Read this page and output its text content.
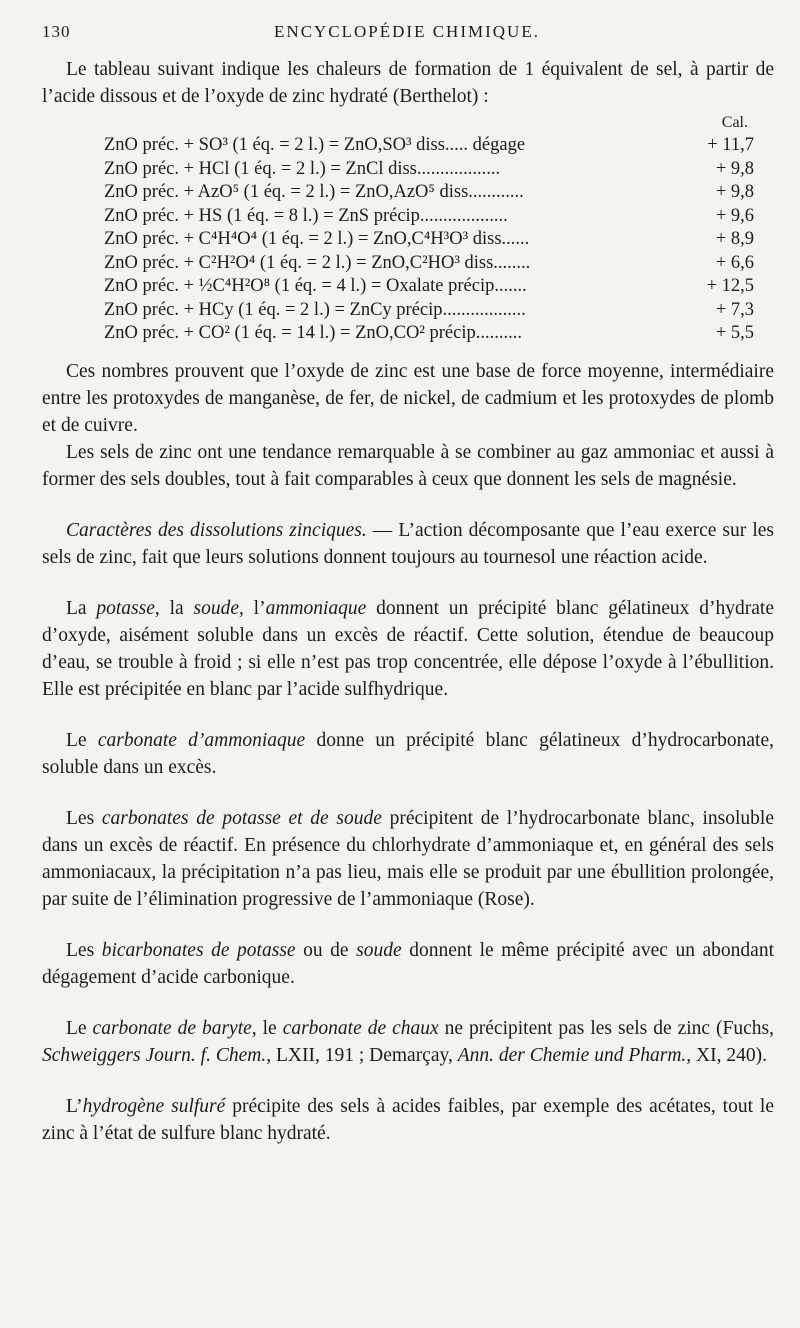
130	ENCYCLOPÉDIE CHIMIQUE.

Le tableau suivant indique les chaleurs de formation de 1 équivalent de sel, à partir de l’acide dissous et de l’oxyde de zinc hydraté (Berthelot) :

Cal.
ZnO préc. + SO³ (1 éq. = 2 l.) = ZnO,SO³ diss..... dégage	+ 11,7
ZnO préc. + HCl (1 éq. = 2 l.) = ZnCl diss..................	+ 9,8
ZnO préc. + AzO⁵ (1 éq. = 2 l.) = ZnO,AzO⁵ diss............	+ 9,8
ZnO préc. + HS (1 éq. = 8 l.) = ZnS précip...................	+ 9,6
ZnO préc. + C⁴H⁴O⁴ (1 éq. = 2 l.) = ZnO,C⁴H³O³ diss......	+ 8,9
ZnO préc. + C²H²O⁴ (1 éq. = 2 l.) = ZnO,C²HO³ diss........	+ 6,6
ZnO préc. + ½C⁴H²O⁸ (1 éq. = 4 l.) = Oxalate précip.......	+ 12,5
ZnO préc. + HCy (1 éq. = 2 l.) = ZnCy précip..................	+ 7,3
ZnO préc. + CO² (1 éq. = 14 l.) = ZnO,CO² précip..........	+ 5,5

Ces nombres prouvent que l’oxyde de zinc est une base de force moyenne, intermédiaire entre les protoxydes de manganèse, de fer, de nickel, de cadmium et les protoxydes de plomb et de cuivre.

Les sels de zinc ont une tendance remarquable à se combiner au gaz ammoniac et aussi à former des sels doubles, tout à fait comparables à ceux que donnent les sels de magnésie.

Caractères des dissolutions zinciques. — L’action décomposante que l’eau exerce sur les sels de zinc, fait que leurs solutions donnent toujours au tournesol une réaction acide.

La potasse, la soude, l’ammoniaque donnent un précipité blanc gélatineux d’hydrate d’oxyde, aisément soluble dans un excès de réactif. Cette solution, étendue de beaucoup d’eau, se trouble à froid ; si elle n’est pas trop concentrée, elle dépose l’oxyde à l’ébullition. Elle est précipitée en blanc par l’acide sulfhydrique.

Le carbonate d’ammoniaque donne un précipité blanc gélatineux d’hydrocarbonate, soluble dans un excès.

Les carbonates de potasse et de soude précipitent de l’hydrocarbonate blanc, insoluble dans un excès de réactif. En présence du chlorhydrate d’ammoniaque et, en général des sels ammoniacaux, la précipitation n’a pas lieu, mais elle se produit par une ébullition prolongée, par suite de l’élimination progressive de l’ammoniaque (Rose).

Les bicarbonates de potasse ou de soude donnent le même précipité avec un abondant dégagement d’acide carbonique.

Le carbonate de baryte, le carbonate de chaux ne précipitent pas les sels de zinc (Fuchs, Schweiggers Journ. f. Chem., LXII, 191 ; Demarçay, Ann. der Chemie und Pharm., XI, 240).

L’hydrogène sulfuré précipite des sels à acides faibles, par exemple des acétates, tout le zinc à l’état de sulfure blanc hydraté.
